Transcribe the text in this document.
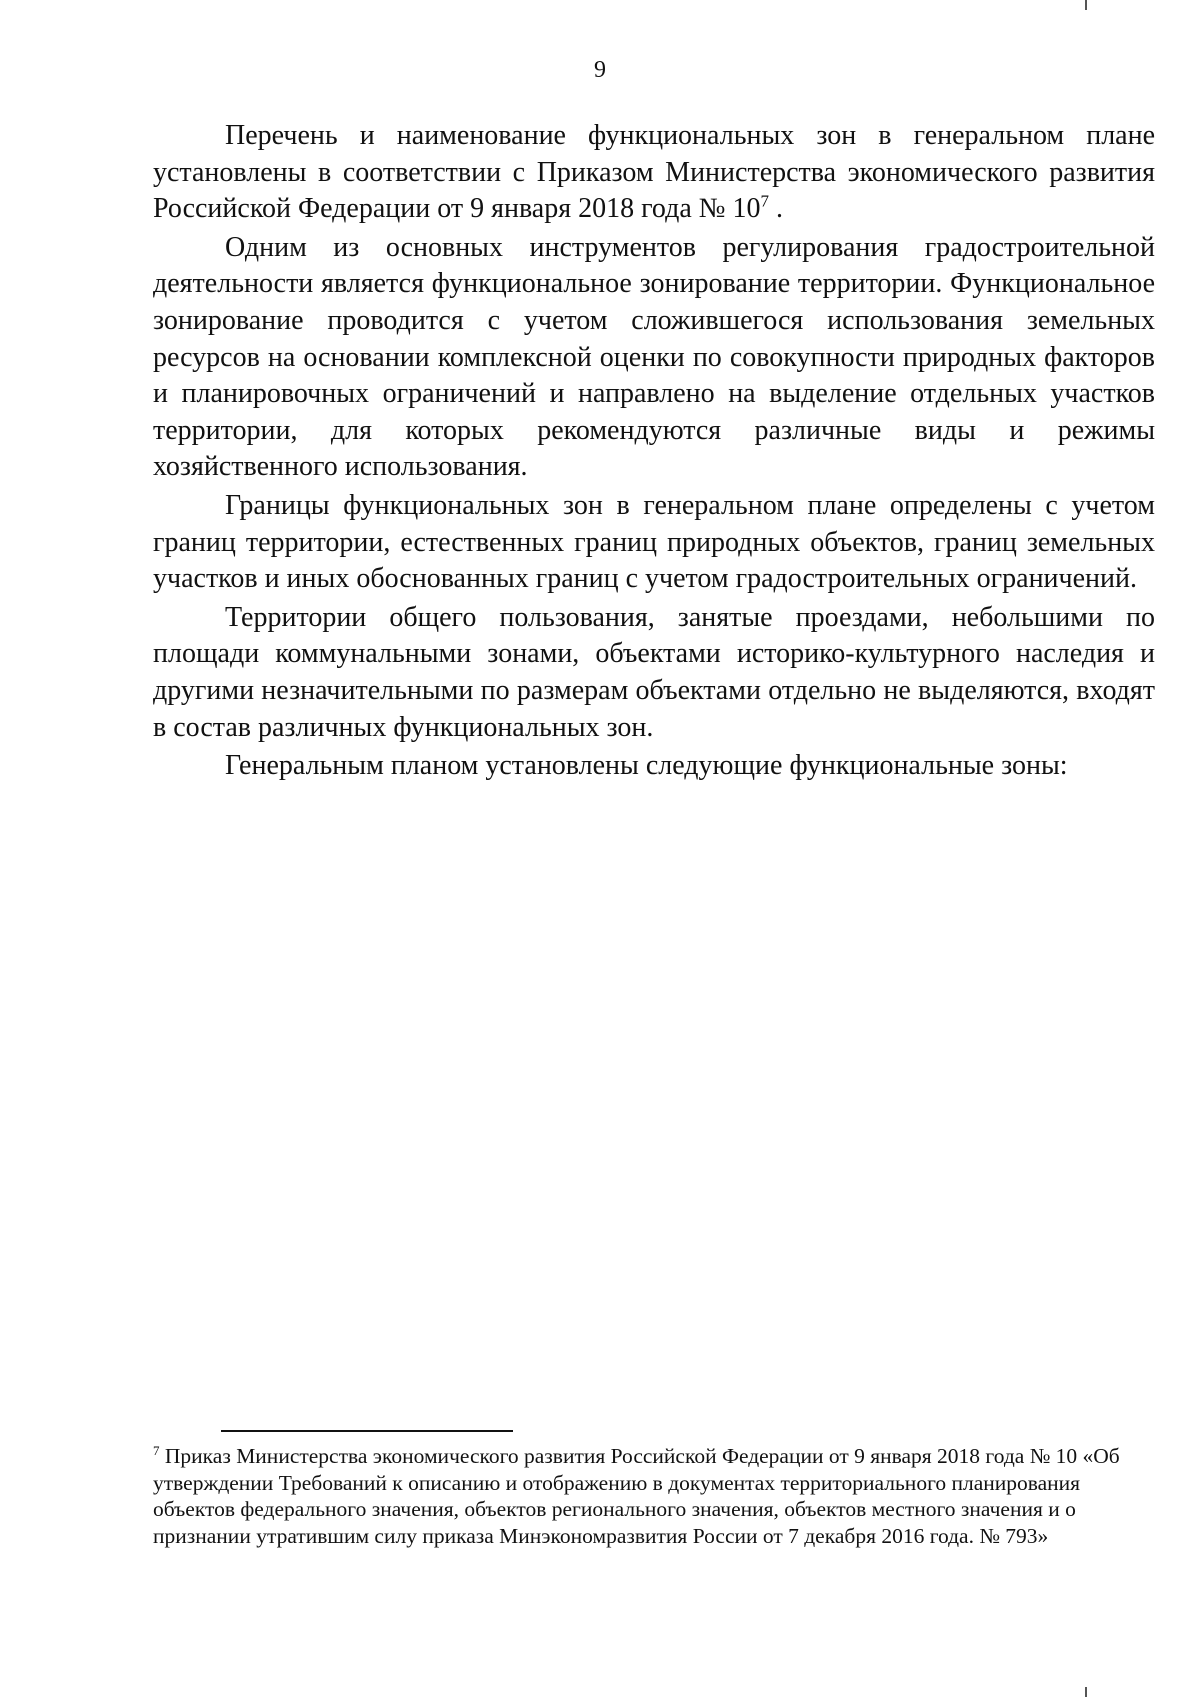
9

Перечень и наименование функциональных зон в генеральном плане установлены в соответствии с Приказом Министерства экономического развития Российской Федерации от 9 января 2018 года № $10^7$ .

Одним из основных инструментов регулирования градостроительной деятельности является функциональное зонирование территории. Функциональное зонирование проводится с учетом сложившегося использования земельных ресурсов на основании комплексной оценки по совокупности природных факторов и планировочных ограничений и направлено на выделение отдельных участков территории, для которых рекомендуются различные виды и режимы хозяйственного использования.

Границы функциональных зон в генеральном плане определены с учетом границ территории, естественных границ природных объектов, границ земельных участков и иных обоснованных границ с учетом градостроительных ограничений.

Территории общего пользования, занятые проездами, небольшими по площади коммунальными зонами, объектами историко-культурного наследия и другими незначительными по размерам объектами отдельно не выделяются, входят в состав различных функциональных зон.

Генеральным планом установлены следующие функциональные зоны:

$^7$ Приказ Министерства экономического развития Российской Федерации от 9 января 2018 года № 10 «Об утверждении Требований к описанию и отображению в документах территориального планирования объектов федерального значения, объектов регионального значения, объектов местного значения и о признании утратившим силу приказа Минэкономразвития России от 7 декабря 2016 года. № 793»
